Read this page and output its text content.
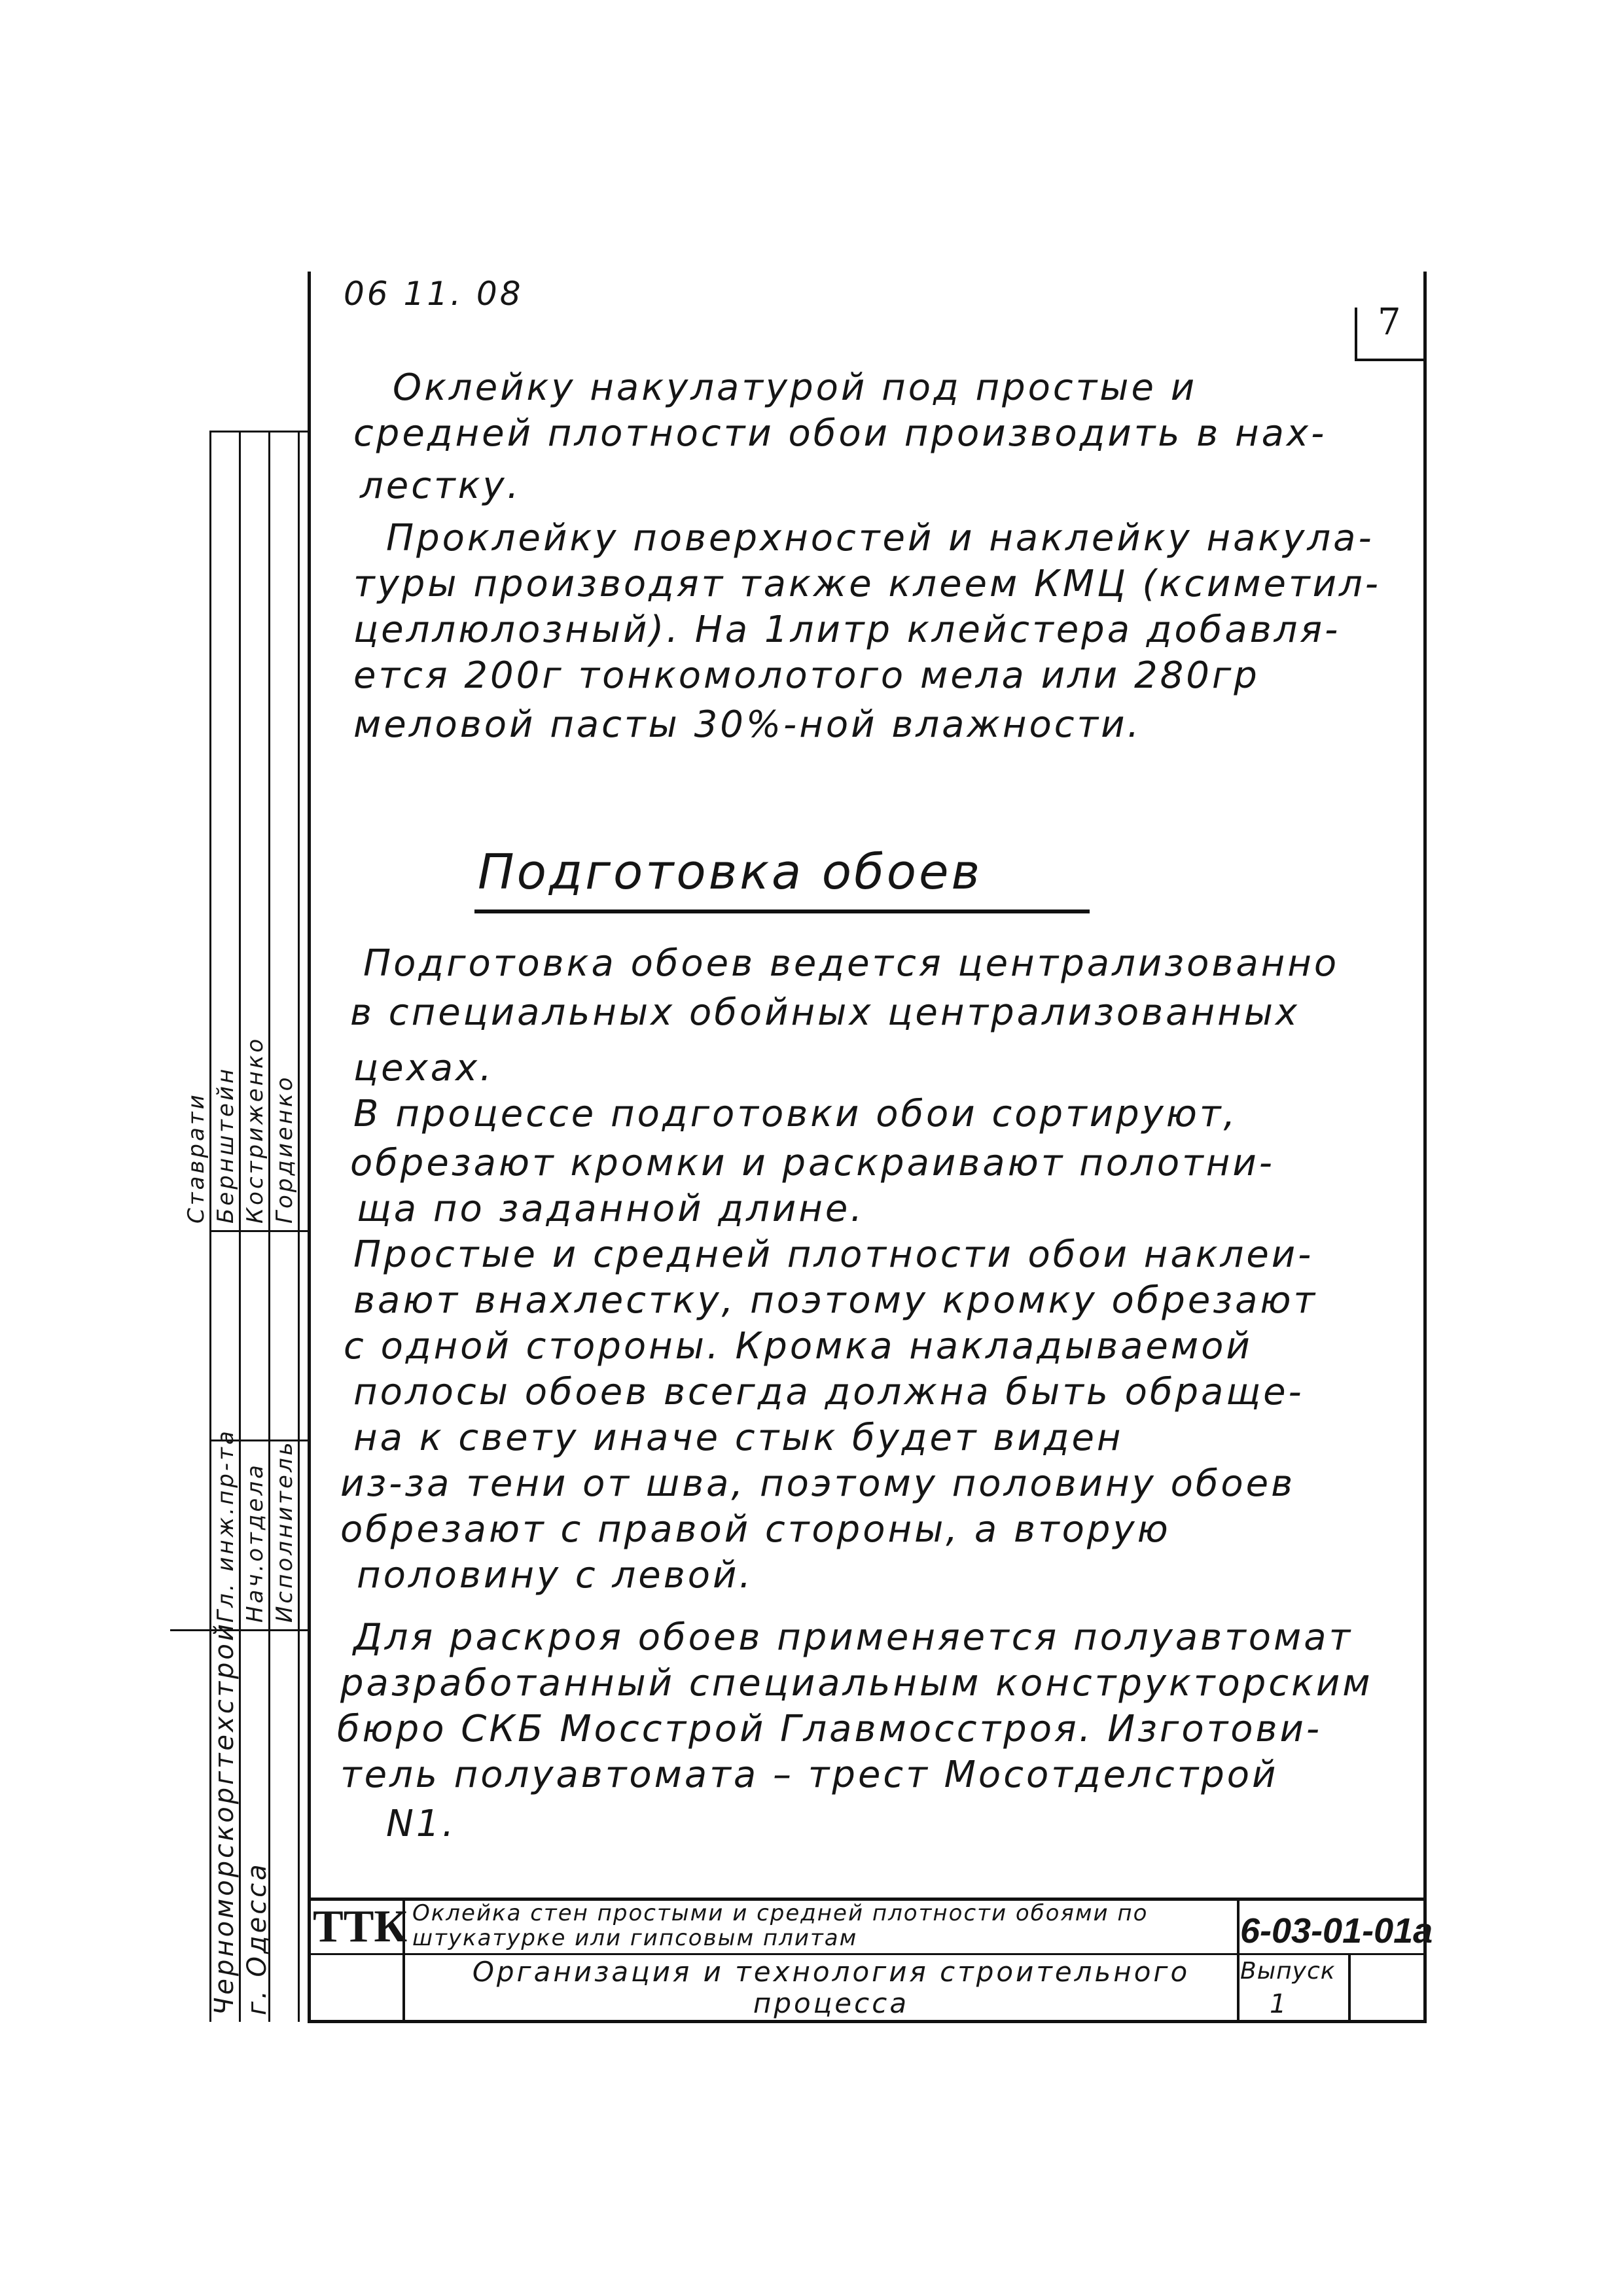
06 11. 08
7
Оклейку накулатурой под простые и
средней плотности обои производить в нах-
лестку.
Проклейку поверхностей и наклейку накула-
туры производят также клеем КМЦ (ксиметил-
целлюлозный). На 1литр клейстера добавля-
ется 200г тонкомолотого мела или 280гр
меловой пасты 30%-ной влажности.
Подготовка обоев
Подготовка обоев ведется централизованно
в специальных обойных централизованных
цехах.
В процессе подготовки обои сортируют,
обрезают кромки и раскраивают полотни-
ща по заданной длине.
Простые и средней плотности обои наклеи-
вают внахлестку, поэтому кромку обрезают
с одной стороны. Кромка накладываемой
полосы обоев всегда должна быть обраще-
на к свету иначе стык будет виден
из-за тени от шва, поэтому половину обоев
обрезают с правой стороны, а вторую
половину с левой.
Для раскроя обоев применяется полуавтомат
разработанный специальным конструкторским
бюро СКБ Мосстрой Главмосстроя. Изготови-
тель полуавтомата – трест Мосотделстрой
N1.
Гл. инж.пр-та Нач.отдела Исполнитель
Ставрати Бернштейн Костриженко Гордиенко
Черноморскоргтехстрой г. Одесса ТТК Оклейка стен простыми и средней плотности обоями по штукатурке или гипсовым плитам	6-03-01-01а
Организация и технология строительного процесса
Выпуск
1
